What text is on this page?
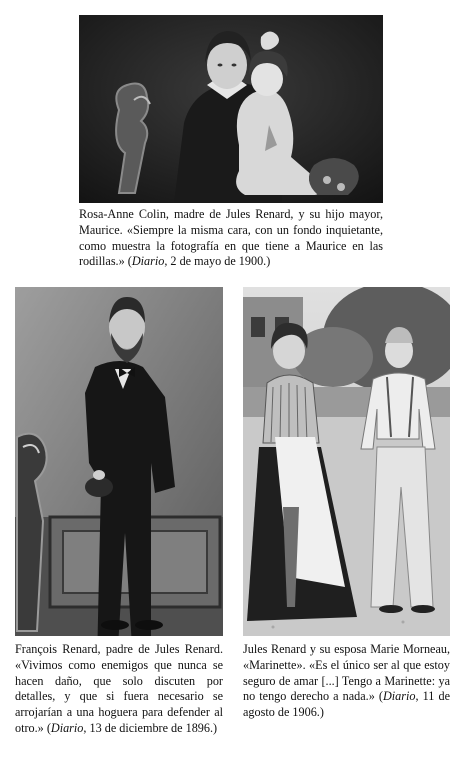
Rosa-Anne Colin, madre de Jules Renard, y su hijo mayor, Maurice. «Siempre la misma cara, con un fondo inquietante, como muestra la fotografía en que tiene a Maurice en las rodillas.» (Diario, 2 de mayo de 1900.)
François Renard, padre de Jules Renard. «Vivimos como enemigos que nunca se hacen daño, que solo discuten por detalles, y que si fuera necesario se arrojarían a una hoguera para defender al otro.» (Diario, 13 de diciembre de 1896.)
Jules Renard y su esposa Marie Morneau, «Marinette». «Es el único ser al que estoy seguro de amar [...] Tengo a Marinette: ya no tengo derecho a nada.» (Diario, 11 de agosto de 1906.)
